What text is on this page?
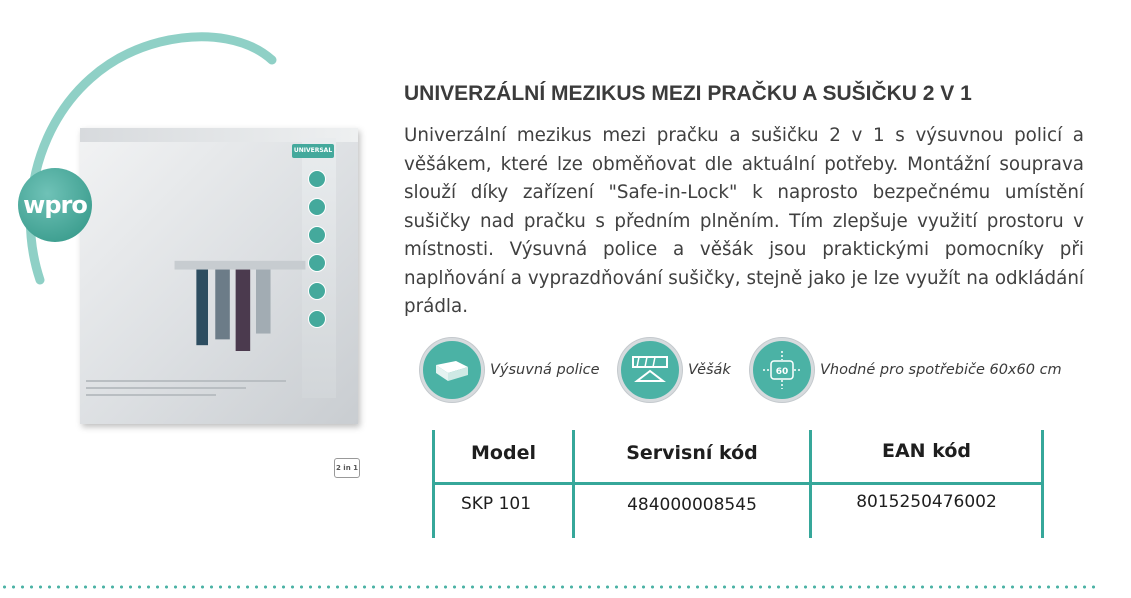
UNIVERSAL
2 in 1
wpro
UNIVERZÁLNÍ MEZIKUS MEZI PRAČKU A SUŠIČKU 2 V 1

Univerzální mezikus mezi pračku a sušičku 2 v 1 s výsuvnou policí a věšákem, které lze obměňovat dle aktuální potřeby. Montážní souprava slouží díky zařízení "Safe-in-Lock" k naprosto bezpečnému umístění sušičky nad pračku s předním plněním. Tím zlepšuje využití prostoru v místnosti. Výsuvná police a věšák jsou praktickými pomocníky při naplňování a vyprazdňování sušičky, stejně jako je lze využít na odkládání prádla.

Výsuvná police	Věšák	60 Vhodné pro spotřebiče 60x60 cm
Model	Servisní kód	EAN kód
SKP 101	484000008545	8015250476002
